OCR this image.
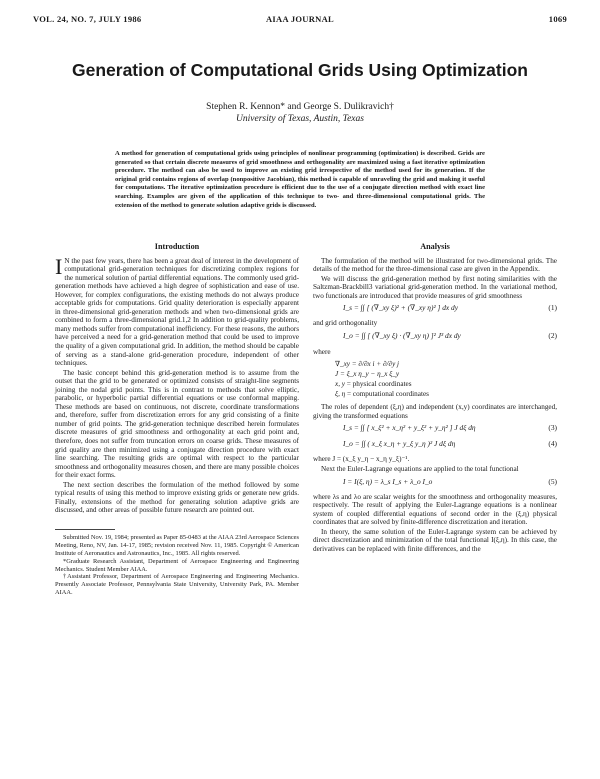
VOL. 24, NO. 7, JULY 1986	AIAA JOURNAL	1069
Generation of Computational Grids Using Optimization
Stephen R. Kennon* and George S. Dulikravich†
University of Texas, Austin, Texas
A method for generation of computational grids using principles of nonlinear programming (optimization) is described. Grids are generated so that certain discrete measures of grid smoothness and orthogonality are maximized using a fast iterative optimization procedure. The method can also be used to improve an existing grid irrespective of the method used for its generation. If the original grid contains regions of overlap (nonpositive Jacobian), this method is capable of unraveling the grid and making it useful for computations. The iterative optimization procedure is efficient due to the use of a conjugate direction method with exact line searching. Examples are given of the application of this technique to two- and three-dimensional computational grids. The extension of the method to generate solution adaptive grids is discussed.
Introduction

I N the past few years, there has been a great deal of interest in the development of computational grid-generation techniques for discretizing complex regions for the numerical solution of partial differential equations. The commonly used grid-generation methods have achieved a high degree of sophistication and ease of use. However, for complex configurations, the existing methods do not always produce acceptable grids for computations. Grid quality deterioration is especially apparent in three-dimensional grid-generation methods and when two-dimensional grids are combined to form a three-dimensional grid.1,2 In addition to grid-quality problems, many methods suffer from computational inefficiency. For these reasons, the authors have perceived a need for a grid-generation method that could be used to improve the quality of a given computational grid. In addition, the method should be capable of serving as a stand-alone grid-generation procedure, independent of other techniques.

The basic concept behind this grid-generation method is to assume from the outset that the grid to be generated or optimized consists of straight-line segments joining the nodal grid points. This is in contrast to methods that solve elliptic, parabolic, or hyperbolic partial differential equations or use conformal mapping. These methods are based on continuous, not discrete, coordinate transformations and, therefore, suffer from discretization errors for any grid consisting of a finite number of grid points. The grid-generation technique described herein formulates discrete measures of grid smoothness and orthogonality at each grid point and, therefore, does not suffer from truncation errors on coarse grids. These measures of grid quality are then minimized using a conjugate direction procedure with exact line searching. The resulting grids are optimal with respect to the particular smoothness and orthogonality measures chosen, and there are many possible choices for their exact forms.

The next section describes the formulation of the method followed by some typical results of using this method to improve existing grids or generate new grids. Finally, extensions of the method for generating solution adaptive grids are discussed, and other areas of possible future research are pointed out.

Submitted Nov. 19, 1984; presented as Paper 85-0483 at the AIAA 23rd Aerospace Sciences Meeting, Reno, NV, Jan. 14-17, 1985; revision received Nov. 11, 1985. Copyright © American Institute of Aeronautics and Astronautics, Inc., 1985. All rights reserved.

*Graduate Research Assistant, Department of Aerospace Engineering and Engineering Mechanics. Student Member AIAA.

†Assistant Professor, Department of Aerospace Engineering and Engineering Mechanics. Presently Associate Professor, Pennsylvania State University, University Park, PA. Member AIAA.

Analysis

The formulation of the method will be illustrated for two-dimensional grids. The details of the method for the three-dimensional case are given in the Appendix.

We will discuss the grid-generation method by first noting similarities with the Saltzman-Brackbill3 variational grid-generation method. In the variational method, two functionals are introduced that provide measures of grid smoothness

I_s = ∫∫ [ (∇_xy ξ)² + (∇_xy η)² ] dx dy	(1)

and grid orthogonality

I_o = ∫∫ [ (∇_xy ξ) · (∇_xy η) ]² J³ dx dy	(2)
where
∇_xy = ∂/∂x i + ∂/∂y j
J = ξ_x η_y − η_x ξ_y
x, y = physical coordinates
ξ, η = computational coordinates

The roles of dependent (ξ,η) and independent (x,y) coordinates are interchanged, giving the transformed equations

I_s = ∫∫ [ x_ξ² + x_η² + y_ξ² + y_η² ] J dξ dη	(3)
I_o = ∫∫ ( x_ξ x_η + y_ξ y_η )² J dξ dη	(4)

where J = (x_ξ y_η − x_η y_ξ)⁻¹.

Next the Euler-Lagrange equations are applied to the total functional

I = I(ξ, η) = λ_s I_s + λ_o I_o	(5)

where λs and λo are scalar weights for the smoothness and orthogonality measures, respectively. The result of applying the Euler-Lagrange equations is a nonlinear system of coupled differential equations of second order in the (ξ,η) physical coordinates that are solved by finite-difference discretization and iteration.

In theory, the same solution of the Euler-Lagrange system can be achieved by direct discretization and minimization of the total functional I(ξ,η). In this case, the derivatives can be replaced with finite differences, and the
